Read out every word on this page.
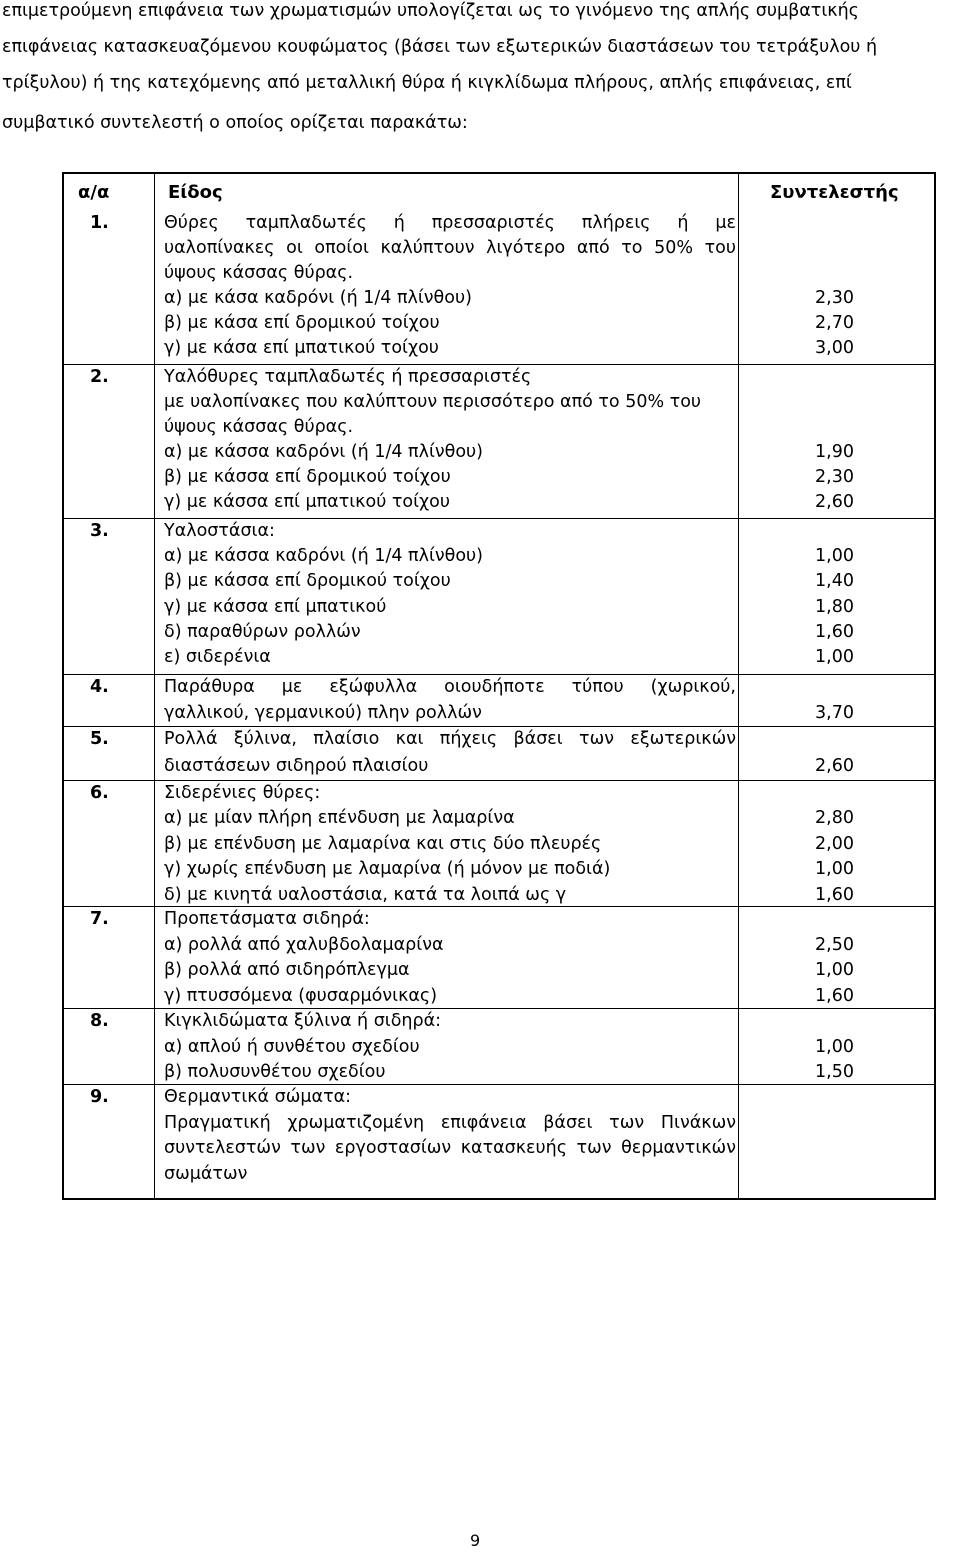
επιμετρούμενη επιφάνεια των χρωματισμών υπολογίζεται ως το γινόμενο της απλής συμβατικής
επιφάνειας κατασκευαζόμενου κουφώματος (βάσει των εξωτερικών διαστάσεων του τετράξυλου ή
τρίξυλου) ή της κατεχόμενης από μεταλλική θύρα ή κιγκλίδωμα πλήρους, απλής επιφάνειας, επί
συμβατικό συντελεστή ο οποίος ορίζεται παρακάτω:
α/α	Είδος	Συντελεστής
1.	Θύρες ταμπλαδωτές ή πρεσσαριστές πλήρεις ή με
υαλοπίνακες οι οποίοι καλύπτουν λιγότερο από το 50% του
ύψους κάσσας θύρας.
α) με κάσα καδρόνι (ή 1/4 πλίνθου)	2,30
β) με κάσα επί δρομικού τοίχου	2,70
γ) με κάσα επί μπατικού τοίχου	3,00
2.	Υαλόθυρες ταμπλαδωτές ή πρεσσαριστές
με υαλοπίνακες που καλύπτουν περισσότερο από το 50% του
ύψους κάσσας θύρας.
α) με κάσσα καδρόνι (ή 1/4 πλίνθου)	1,90
β) με κάσσα επί δρομικού τοίχου	2,30
γ) με κάσσα επί μπατικού τοίχου	2,60
3.	Υαλοστάσια:
α) με κάσσα καδρόνι (ή 1/4 πλίνθου)	1,00
β) με κάσσα επί δρομικού τοίχου	1,40
γ) με κάσσα επί μπατικού	1,80
δ) παραθύρων ρολλών	1,60
ε) σιδερένια	1,00
4.	Παράθυρα με εξώφυλλα οιουδήποτε τύπου (χωρικού,
γαλλικού, γερμανικού) πλην ρολλών	3,70
5.	Ρολλά ξύλινα, πλαίσιο και πήχεις βάσει των εξωτερικών
διαστάσεων σιδηρού πλαισίου	2,60
6.	Σιδερένιες θύρες:
α) με μίαν πλήρη επένδυση με λαμαρίνα	2,80
β) με επένδυση με λαμαρίνα και στις δύο πλευρές	2,00
γ) χωρίς επένδυση με λαμαρίνα (ή μόνον με ποδιά)	1,00
δ) με κινητά υαλοστάσια, κατά τα λοιπά ως γ	1,60
7.	Προπετάσματα σιδηρά:
α) ρολλά από χαλυβδολαμαρίνα	2,50
β) ρολλά από σιδηρόπλεγμα	1,00
γ) πτυσσόμενα (φυσαρμόνικας)	1,60
8.	Κιγκλιδώματα ξύλινα ή σιδηρά:
α) απλού ή συνθέτου σχεδίου	1,00
β) πολυσυνθέτου σχεδίου	1,50
9.	Θερμαντικά σώματα:
Πραγματική χρωματιζομένη επιφάνεια βάσει των Πινάκων
συντελεστών των εργοστασίων κατασκευής των θερμαντικών
σωμάτων
9
